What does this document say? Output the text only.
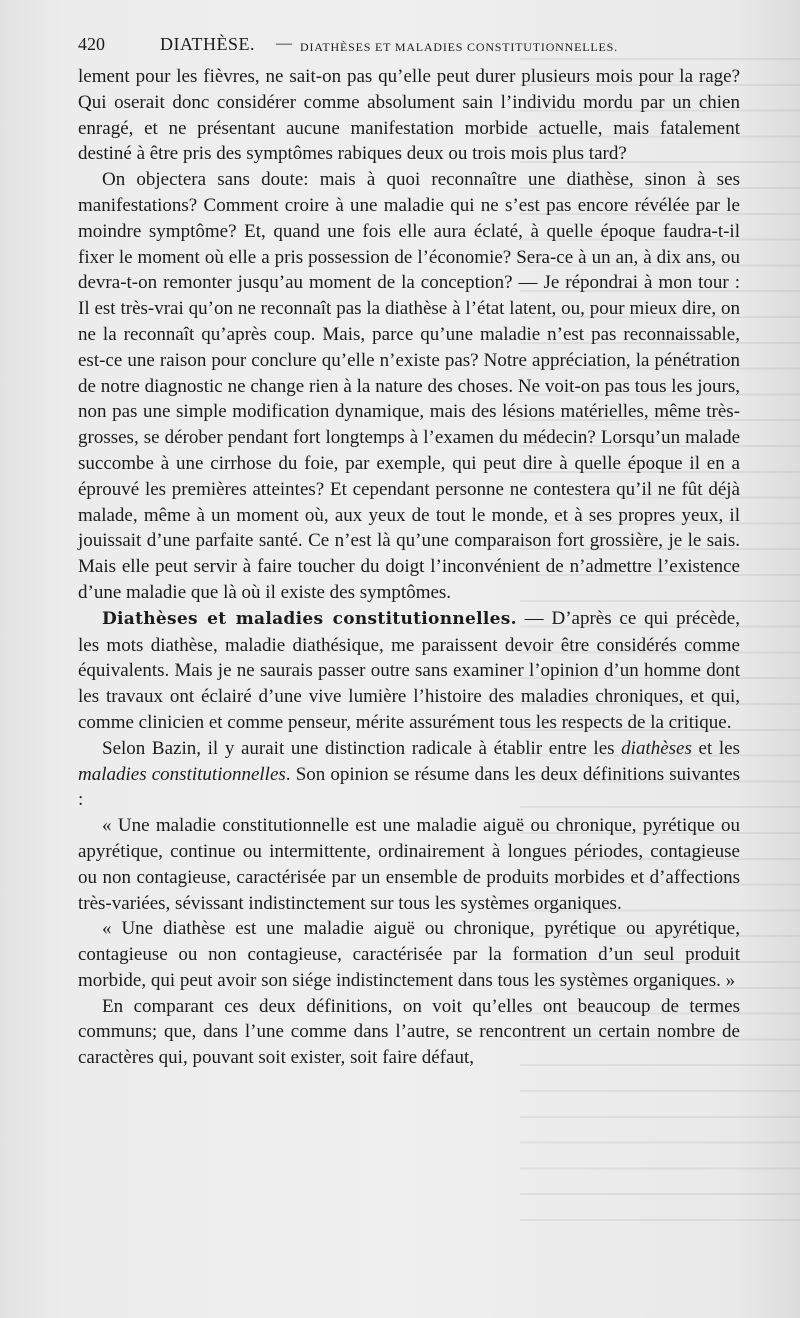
420	DIATHÈSE. — DIATHÈSES ET MALADIES CONSTITUTIONNELLES.

lement pour les fièvres, ne sait-on pas qu’elle peut durer plusieurs mois pour la rage? Qui oserait donc considérer comme absolument sain l’individu mordu par un chien enragé, et ne présentant aucune manifestation morbide actuelle, mais fatalement destiné à être pris des symptômes rabiques deux ou trois mois plus tard?

On objectera sans doute: mais à quoi reconnaître une diathèse, sinon à ses manifestations? Comment croire à une maladie qui ne s’est pas encore révélée par le moindre symptôme? Et, quand une fois elle aura éclaté, à quelle époque faudra-t-il fixer le moment où elle a pris possession de l’économie? Sera-ce à un an, à dix ans, ou devra-t-on remonter jusqu’au moment de la conception? — Je répondrai à mon tour : Il est très-vrai qu’on ne reconnaît pas la diathèse à l’état latent, ou, pour mieux dire, on ne la reconnaît qu’après coup. Mais, parce qu’une maladie n’est pas reconnaissable, est-ce une raison pour conclure qu’elle n’existe pas? Notre appréciation, la pénétration de notre diagnostic ne change rien à la nature des choses. Ne voit-on pas tous les jours, non pas une simple modification dynamique, mais des lésions matérielles, même très-grosses, se dérober pendant fort longtemps à l’examen du médecin? Lorsqu’un malade succombe à une cirrhose du foie, par exemple, qui peut dire à quelle époque il en a éprouvé les premières atteintes? Et cependant personne ne contestera qu’il ne fût déjà malade, même à un moment où, aux yeux de tout le monde, et à ses propres yeux, il jouissait d’une parfaite santé. Ce n’est là qu’une comparaison fort grossière, je le sais. Mais elle peut servir à faire toucher du doigt l’inconvénient de n’admettre l’existence d’une maladie que là où il existe des symptômes.

Diathèses et maladies constitutionnelles. — D’après ce qui précède, les mots diathèse, maladie diathésique, me paraissent devoir être considérés comme équivalents. Mais je ne saurais passer outre sans examiner l’opinion d’un homme dont les travaux ont éclairé d’une vive lumière l’histoire des maladies chroniques, et qui, comme clinicien et comme penseur, mérite assurément tous les respects de la critique.

Selon Bazin, il y aurait une distinction radicale à établir entre les diathèses et les maladies constitutionnelles. Son opinion se résume dans les deux définitions suivantes :

« Une maladie constitutionnelle est une maladie aiguë ou chronique, pyrétique ou apyrétique, continue ou intermittente, ordinairement à longues périodes, contagieuse ou non contagieuse, caractérisée par un ensemble de produits morbides et d’affections très-variées, sévissant indistinctement sur tous les systèmes organiques.

« Une diathèse est une maladie aiguë ou chronique, pyrétique ou apyrétique, contagieuse ou non contagieuse, caractérisée par la formation d’un seul produit morbide, qui peut avoir son siége indistinctement dans tous les systèmes organiques. »

En comparant ces deux définitions, on voit qu’elles ont beaucoup de termes communs; que, dans l’une comme dans l’autre, se rencontrent un certain nombre de caractères qui, pouvant soit exister, soit faire défaut,
